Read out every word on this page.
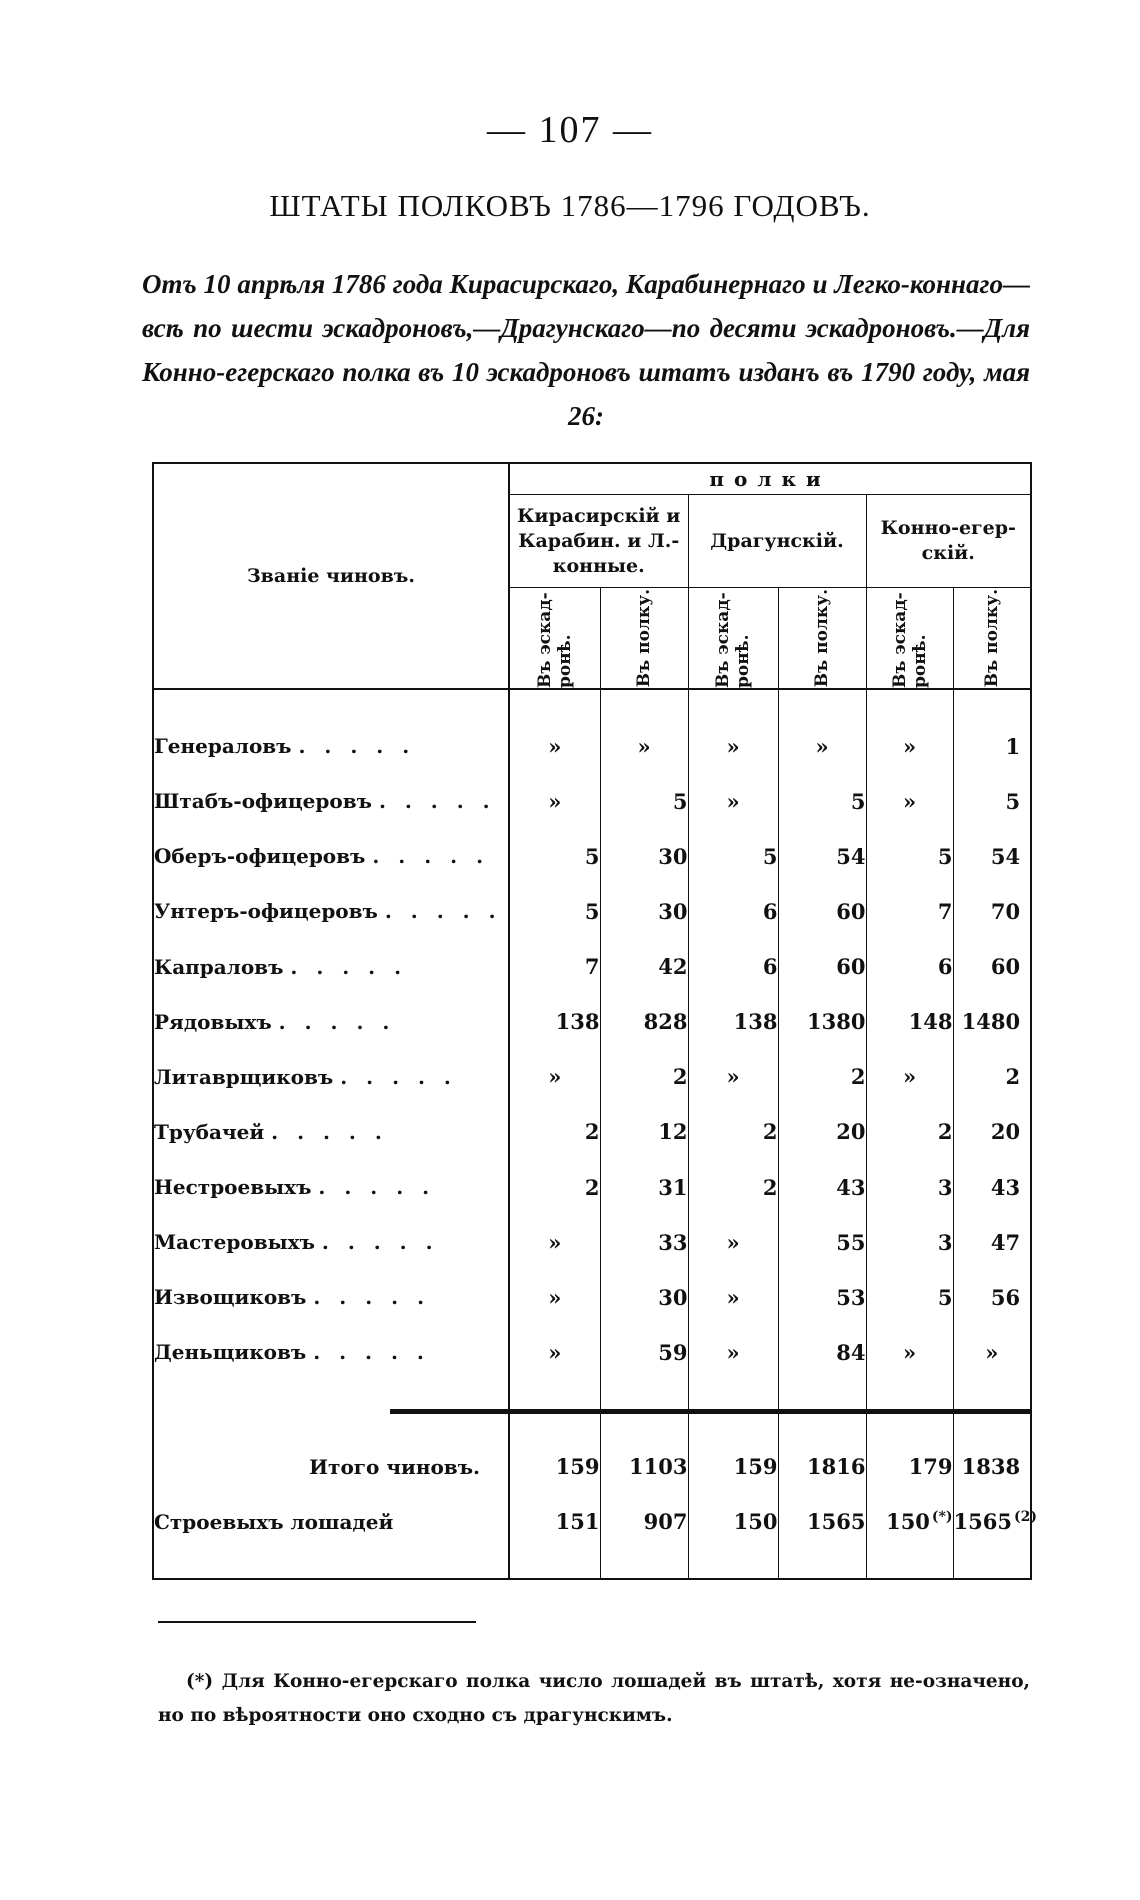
— 107 —
ШТАТЫ ПОЛКОВЪ 1786—1796 ГОДОВЪ.
Отъ 10 апрѣля 1786 года Кирасирскаго, Карабинернаго и Легко-коннаго—всѣ по шести эскадроновъ,—Драгунскаго—по десяти эскадроновъ.—Для Конно-егерскаго полка въ 10 эскадроновъ штатъ изданъ въ 1790 году, мая 26:
Званіе чиновъ.	полки					
	Кирасирскій и Карабин. и Л.-конные.		Драгунскій.		Конно-егер-скій.	

	Въ эскад-ронѣ.	Въ полку.	Въ эскад-ронѣ.	Въ полку.	Въ эскад-ронѣ.	Въ полку.

Генераловъ . . . . .	»	»	»	»	»	1
Штабъ-офицеровъ . . . . .	»	5	»	5	»	5
Оберъ-офицеровъ . . . . .	5	30	5	54	5	54
Унтеръ-офицеровъ . . . . .	5	30	6	60	7	70
Капраловъ . . . . .	7	42	6	60	6	60
Рядовыхъ . . . . .	138	828	138	1380	148	1480
Литаврщиковъ . . . . .	»	2	»	2	»	2
Трубачей . . . . .	2	12	2	20	2	20
Нестроевыхъ . . . . .	2	31	2	43	3	43
Мастеровыхъ . . . . .	»	33	»	55	3	47
Извощиковъ . . . . .	»	30	»	53	5	56
Деньщиковъ . . . . .	»	59	»	84	»	»

Итого чиновъ.	159	1103	159	1816	179	1838
Строевыхъ лошадей	151	907	150	1565	150 (*)	1565 $^{(2)}$

(*) Для Конно-егерскаго полка число лошадей въ штатѣ, хотя не-означено, но по вѣроятности оно сходно съ драгунскимъ.
